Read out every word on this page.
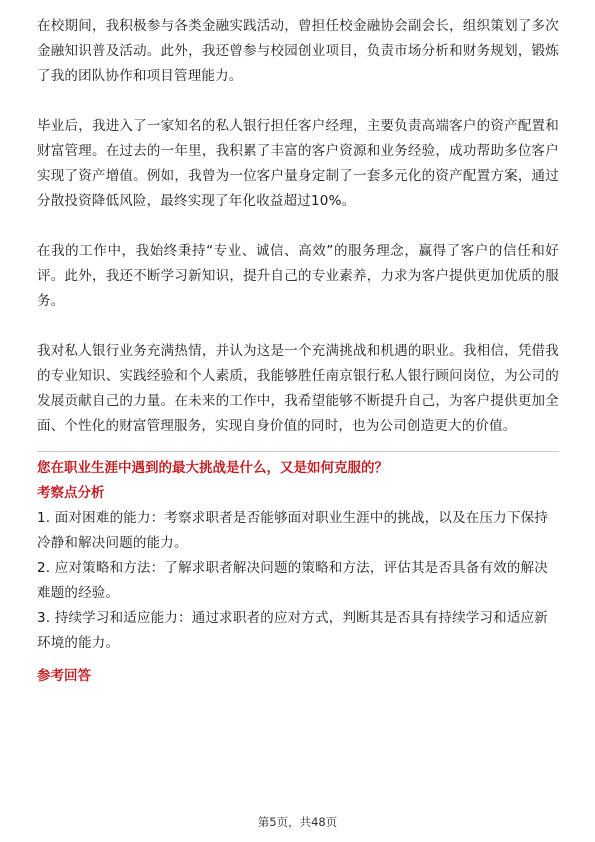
在校期间，我积极参与各类金融实践活动，曾担任校金融协会副会长，组织策划了多次金融知识普及活动。此外，我还曾参与校园创业项目，负责市场分析和财务规划，锻炼了我的团队协作和项目管理能力。

毕业后，我进入了一家知名的私人银行担任客户经理，主要负责高端客户的资产配置和财富管理。在过去的一年里，我积累了丰富的客户资源和业务经验，成功帮助多位客户实现了资产增值。例如，我曾为一位客户量身定制了一套多元化的资产配置方案，通过分散投资降低风险，最终实现了年化收益超过10%。

在我的工作中，我始终秉持“专业、诚信、高效”的服务理念，赢得了客户的信任和好评。此外，我还不断学习新知识，提升自己的专业素养，力求为客户提供更加优质的服务。

我对私人银行业务充满热情，并认为这是一个充满挑战和机遇的职业。我相信，凭借我的专业知识、实践经验和个人素质，我能够胜任南京银行私人银行顾问岗位，为公司的发展贡献自己的力量。在未来的工作中，我希望能够不断提升自己，为客户提供更加全面、个性化的财富管理服务，实现自身价值的同时，也为公司创造更大的价值。

您在职业生涯中遇到的最大挑战是什么，又是如何克服的？

考察点分析

1. 面对困难的能力：考察求职者是否能够面对职业生涯中的挑战，以及在压力下保持冷静和解决问题的能力。

2. 应对策略和方法：了解求职者解决问题的策略和方法，评估其是否具备有效的解决难题的经验。

3. 持续学习和适应能力：通过求职者的应对方式，判断其是否具有持续学习和适应新环境的能力。

参考回答

第5页，共48页
